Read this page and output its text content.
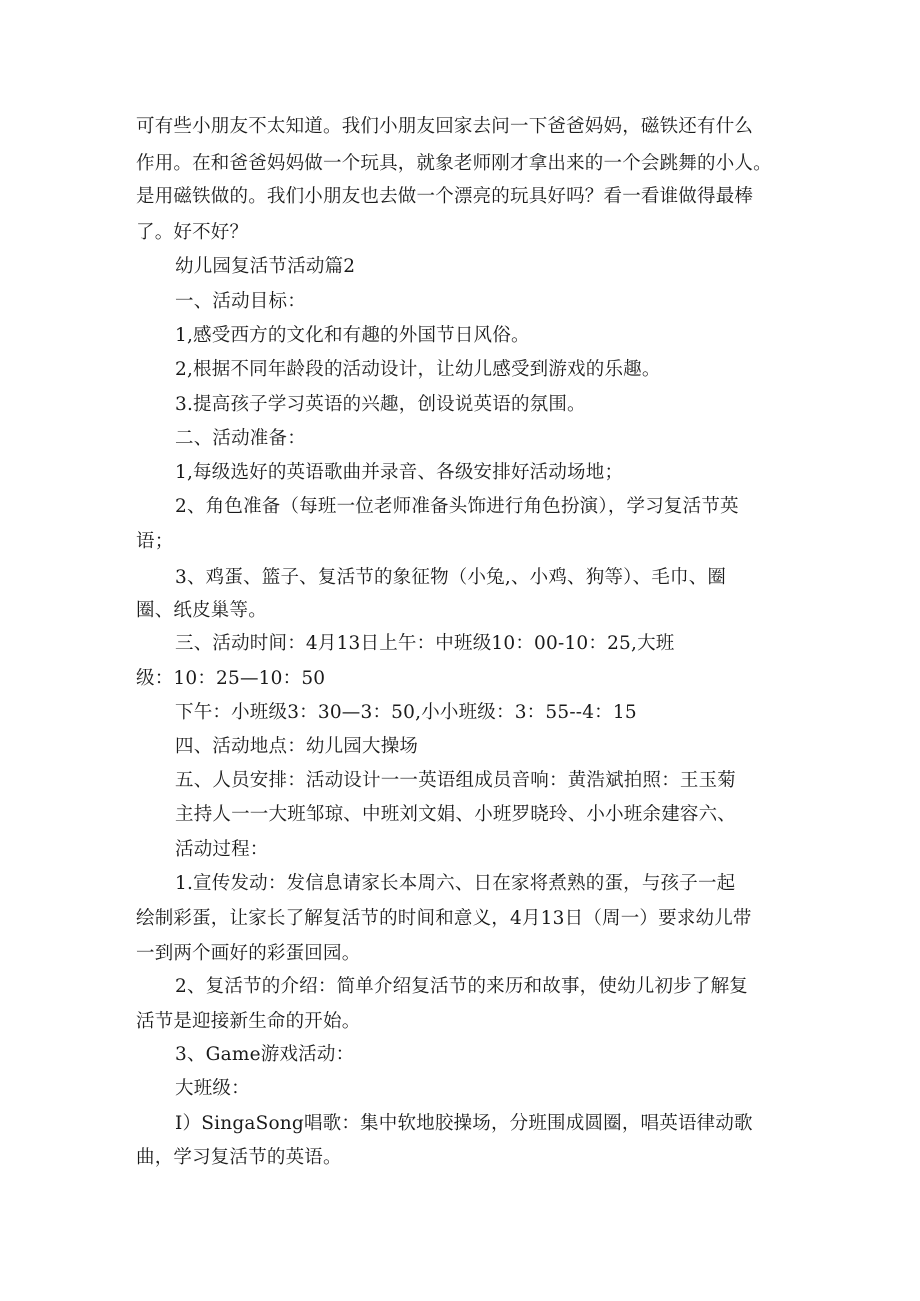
可有些小朋友不太知道。我们小朋友回家去问一下爸爸妈妈，磁铁还有什么
作用。在和爸爸妈妈做一个玩具，就象老师刚才拿出来的一个会跳舞的小人。
是用磁铁做的。我们小朋友也去做一个漂亮的玩具好吗？看一看谁做得最棒
了。好不好？
幼儿园复活节活动篇2
一、活动目标：
1,感受西方的文化和有趣的外国节日风俗。
2,根据不同年龄段的活动设计，让幼儿感受到游戏的乐趣。
3.提高孩子学习英语的兴趣，创设说英语的氛围。
二、活动准备：
1,每级选好的英语歌曲并录音、各级安排好活动场地；
2、角色准备（每班一位老师准备头饰进行角色扮演），学习复活节英
语；
3、鸡蛋、篮子、复活节的象征物（小兔,、小鸡、狗等）、毛巾、圈
圈、纸皮巢等。
三、活动时间：4月13日上午：中班级10：00-10：25,大班
级：10：25—10：50
下午：小班级3：30—3：50,小小班级：3：55--4：15
四、活动地点：幼儿园大操场
五、人员安排：活动设计一一英语组成员音响：黄浩斌拍照：王玉菊
主持人一一大班邹琼、中班刘文娟、小班罗晓玲、小小班余建容六、
活动过程：
1.宣传发动：发信息请家长本周六、日在家将煮熟的蛋，与孩子一起
绘制彩蛋，让家长了解复活节的时间和意义，4月13日（周一）要求幼儿带
一到两个画好的彩蛋回园。
2、复活节的介绍：简单介绍复活节的来历和故事，使幼儿初步了解复
活节是迎接新生命的开始。
3、Game游戏活动：
大班级：
I）SingaSong唱歌：集中软地胶操场，分班围成圆圈，唱英语律动歌
曲，学习复活节的英语。
